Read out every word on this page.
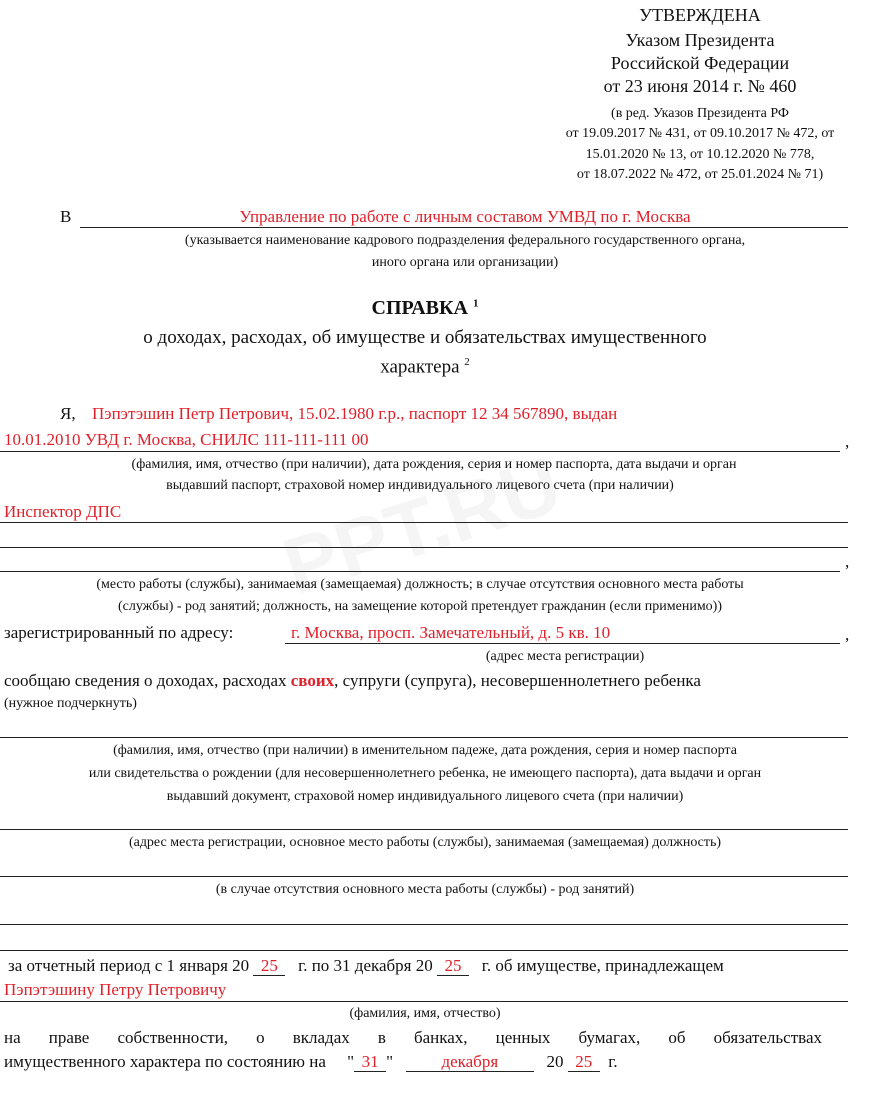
УТВЕРЖДЕНА
Указом Президента
Российской Федерации
от 23 июня 2014 г. № 460
(в ред. Указов Президента РФ
от 19.09.2017 № 431, от 09.10.2017 № 472, от
15.01.2020 № 13, от 10.12.2020 № 778,
от 18.07.2022 № 472, от 25.01.2024 № 71)
В	Управление по работе с личным составом УМВД по г. Москва
(указывается наименование кадрового подразделения федерального государственного органа,
иного органа или организации)
СПРАВКА $^1$
о доходах, расходах, об имуществе и обязательствах имущественного
характера $^2$
Я, Пэпэтэшин Петр Петрович, 15.02.1980 г.р., паспорт 12 34 567890, выдан
10.01.2010 УВД г. Москва, СНИЛС 111-111-111 00	,
(фамилия, имя, отчество (при наличии), дата рождения, серия и номер паспорта, дата выдачи и орган
выдавший паспорт, страховой номер индивидуального лицевого счета (при наличии)
Инспектор ДПС
,
(место работы (службы), занимаемая (замещаемая) должность; в случае отсутствия основного места работы
(службы) - род занятий; должность, на замещение которой претендует гражданин (если применимо))
зарегистрированный по адресу:	г. Москва, просп. Замечательный, д. 5 кв. 10	,
(адрес места регистрации)
сообщаю сведения о доходах, расходах своих, супруги (супруга), несовершеннолетнего ребенка
(нужное подчеркнуть)
(фамилия, имя, отчество (при наличии) в именительном падеже, дата рождения, серия и номер паспорта
или свидетельства о рождении (для несовершеннолетнего ребенка, не имеющего паспорта), дата выдачи и орган
выдавший документ, страховой номер индивидуального лицевого счета (при наличии)
(адрес места регистрации, основное место работы (службы), занимаемая (замещаемая) должность)
(в случае отсутствия основного места работы (службы) - род занятий)
за отчетный период с 1 января 20 25 г. по 31 декабря 20 25 г. об имуществе, принадлежащем
Пэпэтэшину Петру Петровичу
(фамилия, имя, отчество)
на праве собственности, о вкладах в банках, ценных бумагах, об обязательствах
имущественного характера по состоянию на " 31 "	декабря	20 25 г.
